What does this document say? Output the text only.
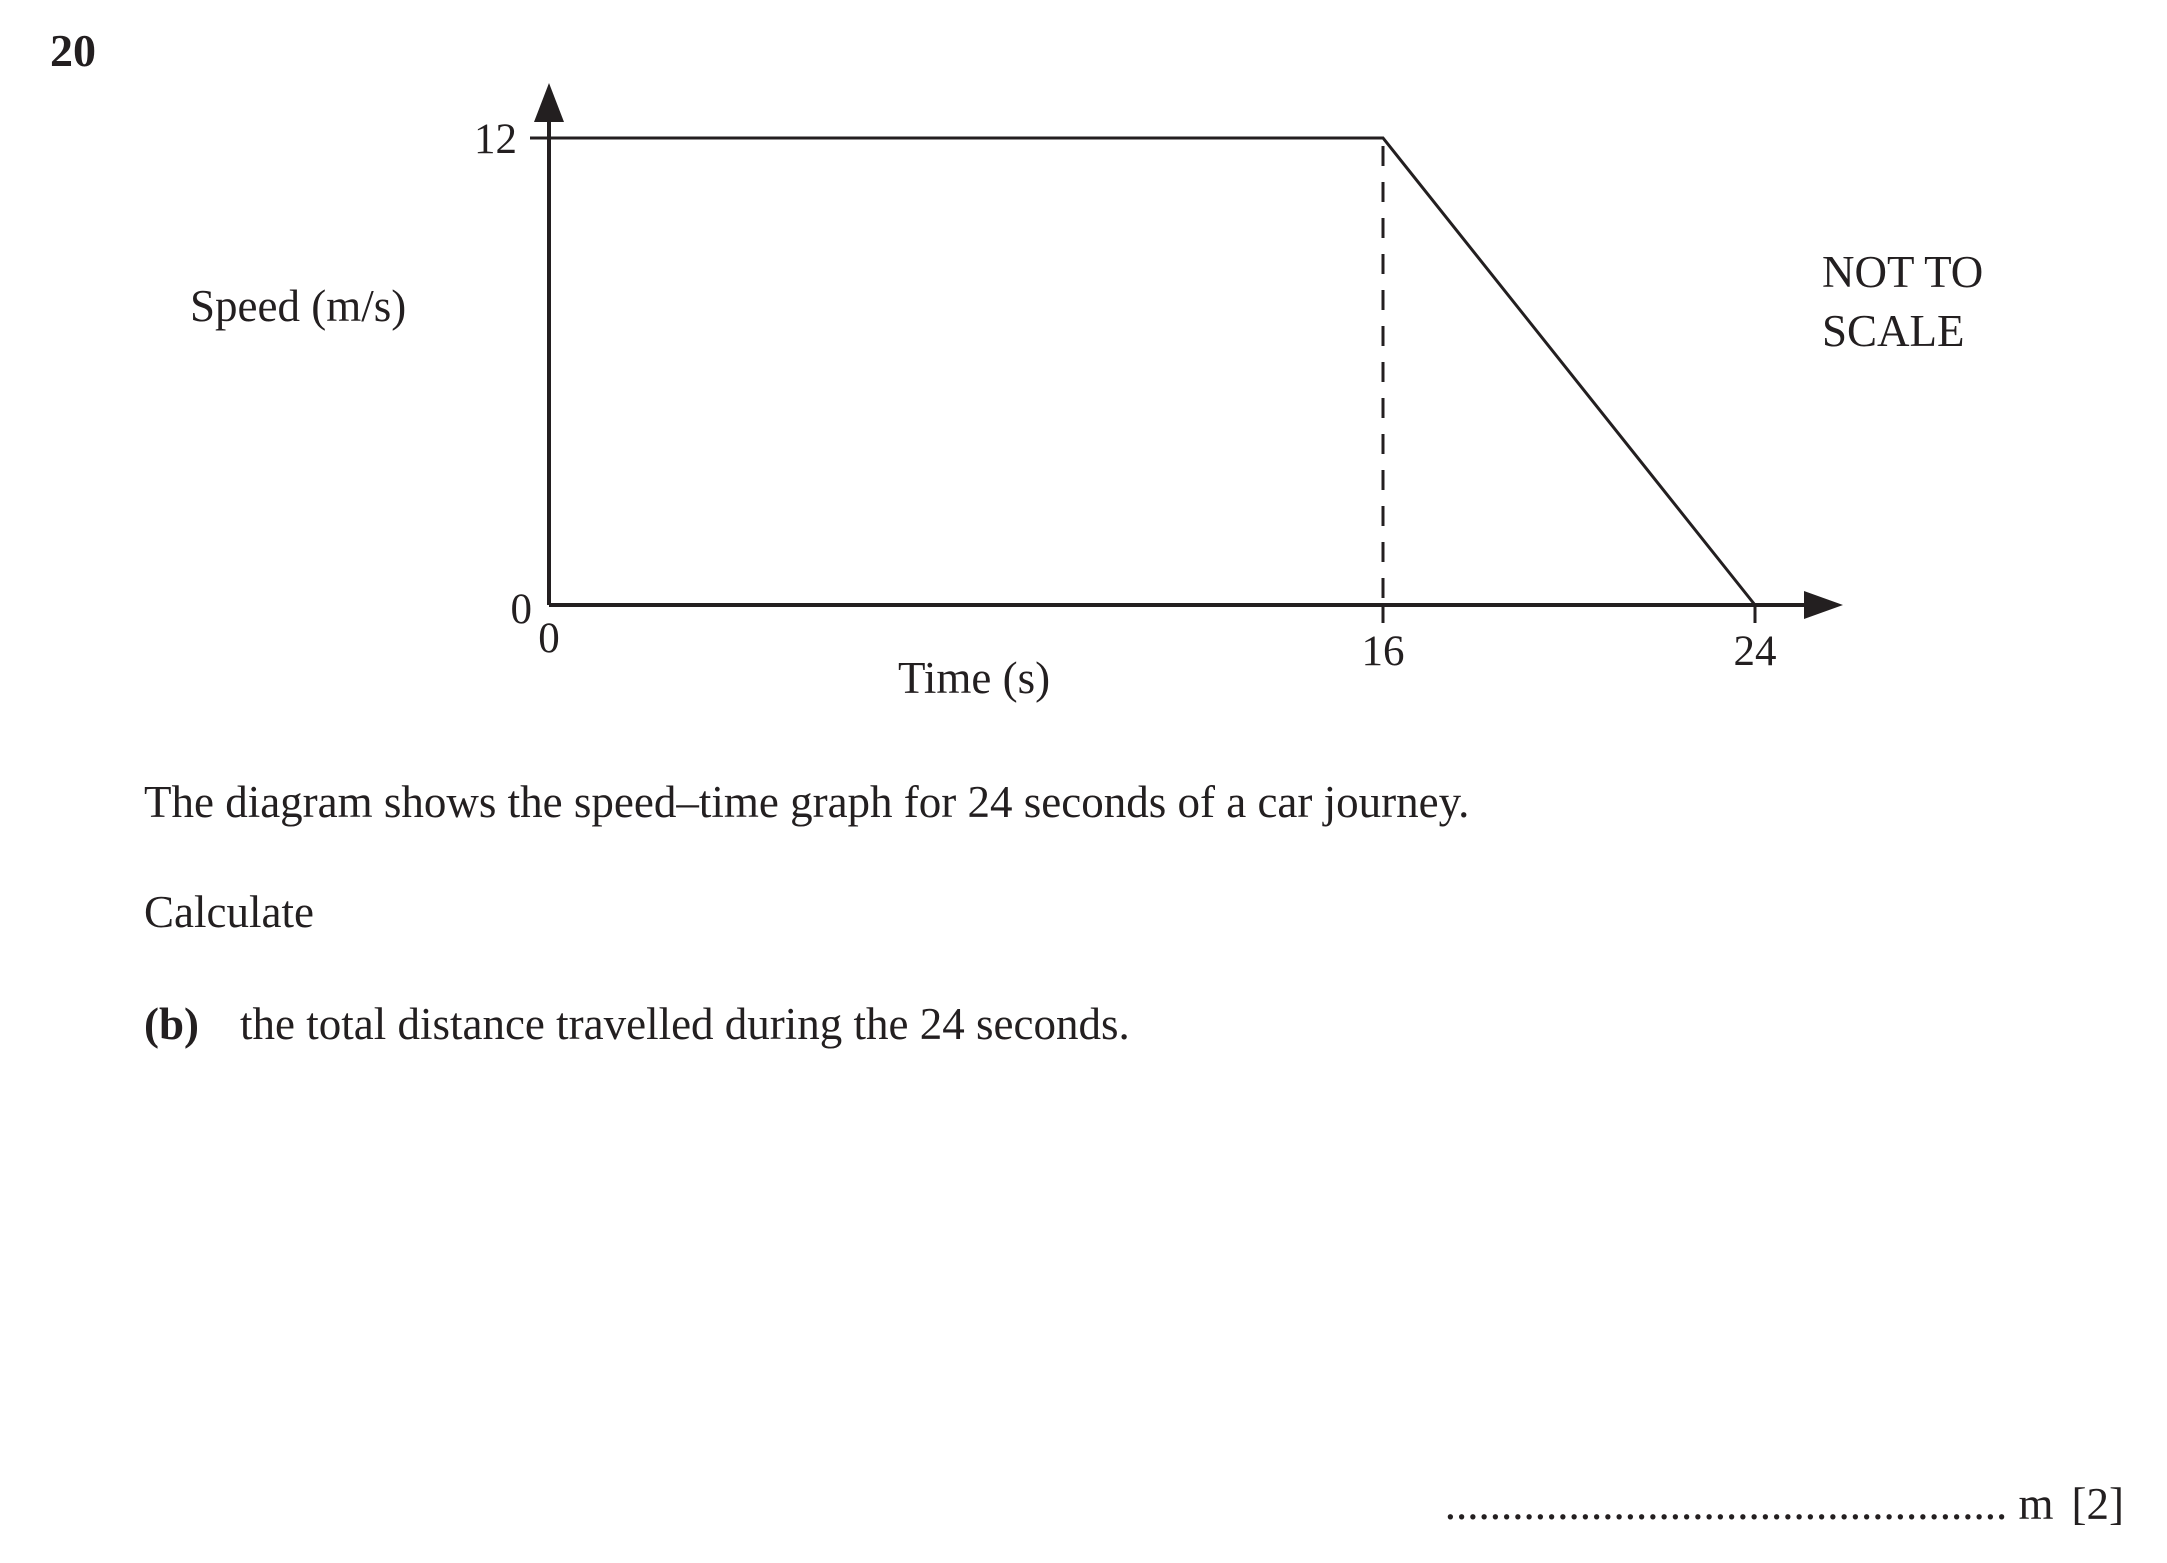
20
12
0
0	16	24
Speed (m/s)
Time (s)
NOT TO
SCALE
The diagram shows the speed–time graph for 24 seconds of a car journey.
Calculate
(b) the total distance travelled during the 24 seconds.
.................................................. m [2]
